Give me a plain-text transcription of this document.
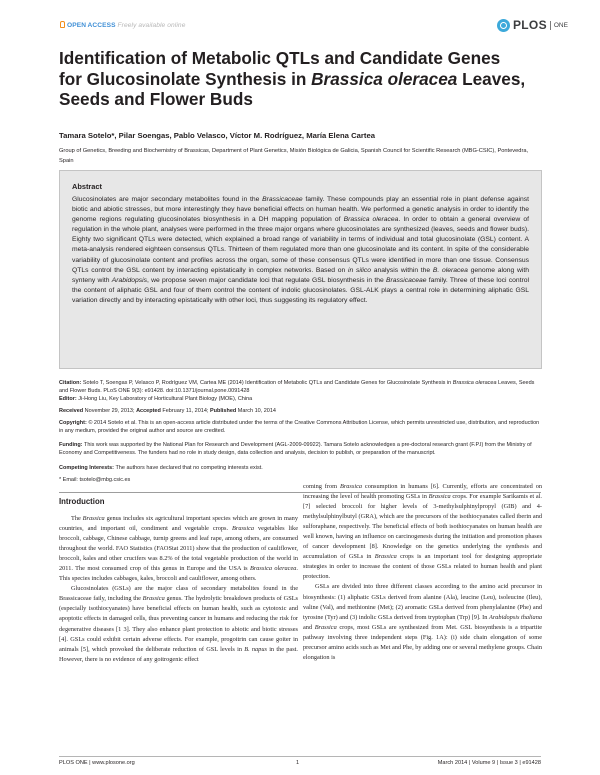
OPEN ACCESS Freely available online	PLOS	ONE
Identification of Metabolic QTLs and Candidate Genes
for Glucosinolate Synthesis in Brassica oleracea Leaves,
Seeds and Flower Buds
Tamara Sotelo*, Pilar Soengas, Pablo Velasco, Víctor M. Rodríguez, María Elena Cartea
Group of Genetics, Breeding and Biochemistry of Brassicas, Department of Plant Genetics, Misión Biológica de Galicia, Spanish Council for Scientific Research (MBG-CSIC), Pontevedra, Spain
Abstract
Glucosinolates are major secondary metabolites found in the Brassicaceae family. These compounds play an essential role in plant defense against biotic and abiotic stresses, but more interestingly they have beneficial effects on human health. We performed a genetic analysis in order to identify the genome regions regulating glucosinolates biosynthesis in a DH mapping population of Brassica oleracea. In order to obtain a general overview of regulation in the whole plant, analyses were performed in the three major organs where glucosinolates are synthesized (leaves, seeds and flower buds). Eighty two significant QTLs were detected, which explained a broad range of variability in terms of individual and total glucosinolate (GSL) content. A meta-analysis rendered eighteen consensus QTLs. Thirteen of them regulated more than one glucosinolate and its content. In spite of the considerable variability of glucosinolate content and profiles across the organ, some of these consensus QTLs were identified in more than one tissue. Consensus QTLs control the GSL content by interacting epistatically in complex networks. Based on in silico analysis within the B. oleracea genome along with synteny with Arabidopsis, we propose seven major candidate loci that regulate GSL biosynthesis in the Brassicaceae family. Three of these loci control the content of aliphatic GSL and four of them control the content of indolic glucosinolates. GSL-ALK plays a central role in determining aliphatic GSL variation directly and by interacting epistatically with other loci, thus suggesting its regulatory effect.
Citation: Sotelo T, Soengas P, Velasco P, Rodríguez VM, Cartea ME (2014) Identification of Metabolic QTLs and Candidate Genes for Glucosinolate Synthesis in Brassica oleracea Leaves, Seeds and Flower Buds. PLoS ONE 9(3): e91428. doi:10.1371/journal.pone.0091428
Editor: Ji-Hong Liu, Key Laboratory of Horticultural Plant Biology (MOE), China
Received November 29, 2013; Accepted February 11, 2014; Published March 10, 2014
Copyright: © 2014 Sotelo et al. This is an open-access article distributed under the terms of the Creative Commons Attribution License, which permits unrestricted use, distribution, and reproduction in any medium, provided the original author and source are credited.
Funding: This work was supported by the National Plan for Research and Development (AGL-2009-09922). Tamara Sotelo acknowledges a pre-doctoral research grant (F.P.I) from the Ministry of Economy and Competitiveness. The funders had no role in study design, data collection and analysis, decision to publish, or preparation of the manuscript.
Competing Interests: The authors have declared that no competing interests exist.
* Email: tsotelo@mbg.csic.es
Introduction

The Brassica genus includes six agricultural important species which are grown in many countries, and important oil, condiment and vegetable crops. Brassica vegetables like broccoli, cabbage, Chinese cabbage, turnip greens and leaf rape, among others, are consumed throughout the world. FAO Statistics (FAOStat 2011) show that the production of cauliflower, broccoli, kales and other crucifers was 8.2% of the total vegetable production of the world in 2011. The most consumed crop of this genus in Europe and the USA is Brassica oleracea. This species includes cabbages, kales, broccoli and cauliflower, among others.

Glucosinolates (GSLs) are the major class of secondary metabolites found in the Brassicaceae faily, including the Brassica genus. The hydrolytic breakdown products of GSLs (especially isothiocyanates) have beneficial effects on human health, such as cytotoxic and apoptotic effects in damaged cells, thus preventing cancer in humans and reducing the risk for degenerative diseases [1 3]. They also enhance plant protection to abiotic and biotic stresses [4]. GSLs could exhibit certain adverse effects. For example, progoitrin can cause goiter in animals [5], which provoked the deliberate reduction of GSL levels in B. napus in the past. However, there is no evidence of any goitrogenic effect

coming from Brassica consumption in humans [6]. Currently, efforts are concentrated on increasing the level of health promoting GSLs in Brassica crops. For example Sarikamis et al. [7] selected broccoli for higher levels of 3-methylsulphinylpropyl (GIB) and 4-methylsulphinylbutyl (GRA), which are the precursors of the isothiocyanates called iberin and sulforaphane, respectively. The beneficial effects of both isothiocyanates on human health are well known, having an influence on carcinogenesis during the initiation and promotion phases of cancer development [8]. Knowledge on the genetics underlying the synthesis and accumulation of GSLs in Brassica crops is an important tool for designing appropriate strategies in order to increase the content of those GSLs related to human health and plant protection.

GSLs are divided into three different classes according to the amino acid precursor in biosynthesis: (1) aliphatic GSLs derived from alanine (Ala), leucine (Leu), isoleucine (Ileu), valine (Val), and methionine (Met); (2) aromatic GSLs derived from phenylalanine (Phe) and tyrosine (Tyr) and (3) indolic GSLs derived from tryptophan (Trp) [9]. In Arabidopsis thaliana and Brassica crops, most GSLs are synthesized from Met. GSL biosynthesis is a tripartite pathway involving three independent steps (Fig. 1A): (i) side chain elongation of some precursor amino acids such as Met and Phe, by adding one or several methylene groups. Chain elongation is

PLOS ONE | www.plosone.org	1	March 2014 | Volume 9 | Issue 3 | e91428
